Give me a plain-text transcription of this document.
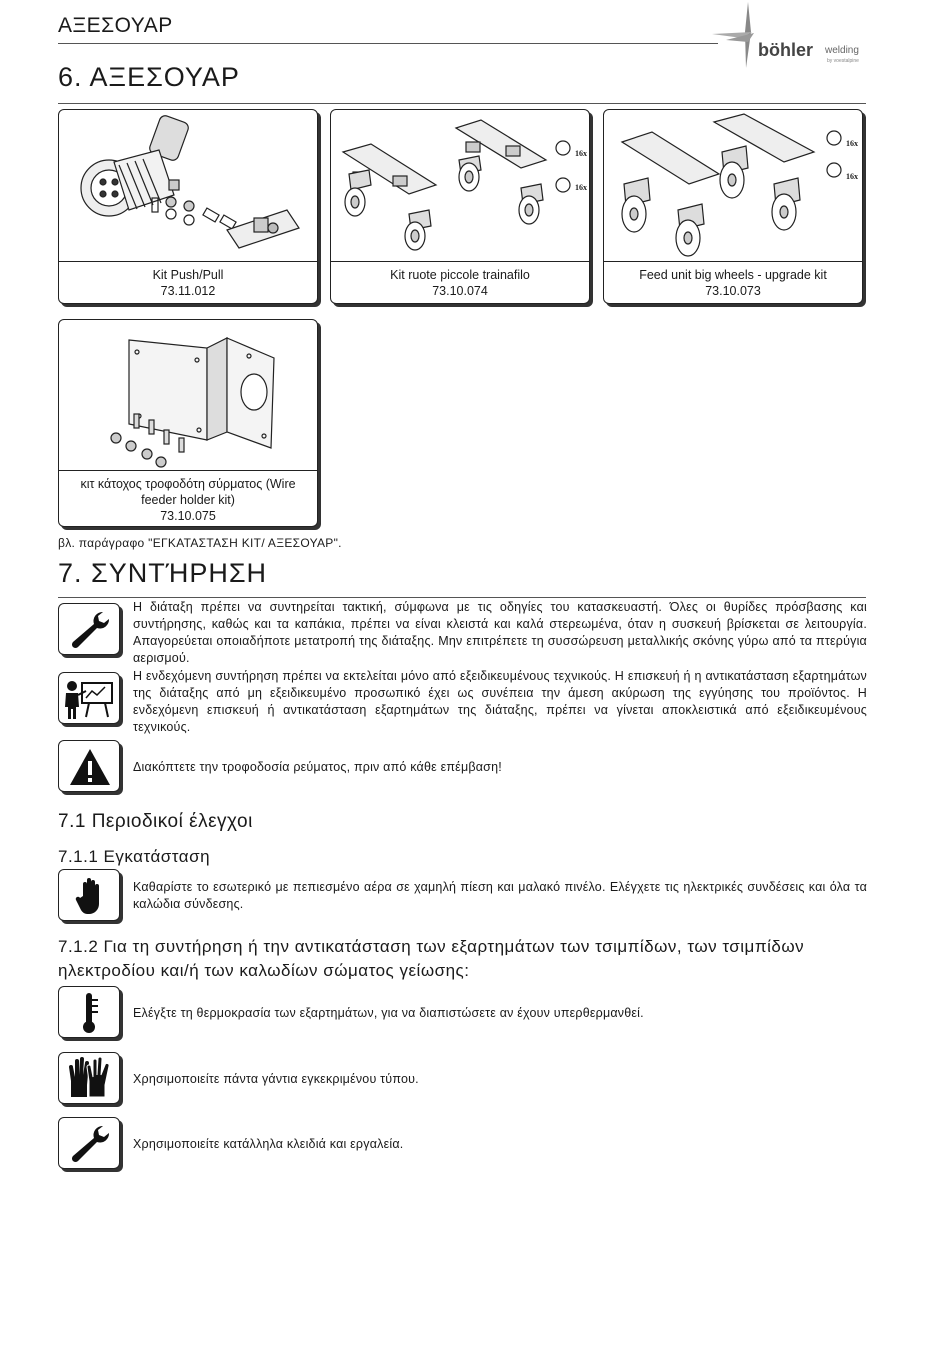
ΑΞΕΣΟΥΑΡ
böhler welding
by voestalpine
6. ΑΞΕΣΟΥΑΡ
Kit Push/Pull
73.11.012
16x
16x
Kit ruote piccole trainafilo
73.10.074
16x
16x
Feed unit big wheels - upgrade kit
73.10.073
κιτ κάτοχος τροφοδότη σύρματος (Wire
feeder holder kit)
73.10.075
βλ. παράγραφο "ΕΓΚΑΤΑΣΤΑΣΗ ΚΙΤ/ ΑΞΕΣΟΥΑΡ".
7. ΣΥΝΤΉΡΗΣΗ
Η διάταξη πρέπει να συντηρείται τακτική, σύμφωνα με τις οδηγίες του κατασκευαστή. Όλες οι θυρίδες πρόσβασης και συντήρησης, καθώς και τα καπάκια, πρέπει να είναι κλειστά και καλά στερεωμένα, όταν η συσκευή βρίσκεται σε λειτουργία. Απαγορεύεται οποιαδήποτε μετατροπή της διάταξης. Μην επιτρέπετε τη συσσώρευση μεταλλικής σκόνης γύρω από τα πτερύγια αερισμού.
Η ενδεχόμενη συντήρηση πρέπει να εκτελείται μόνο από εξειδικευμένους τεχνικούς. Η επισκευή ή η αντικατάσταση εξαρτημάτων της διάταξης από μη εξειδικευμένο προσωπικό έχει ως συνέπεια την άμεση ακύρωση της εγγύησης του προϊόντος. Η ενδεχόμενη επισκευή ή αντικατάσταση εξαρτημάτων της διάταξης, πρέπει να γίνεται αποκλειστικά από εξειδικευμένους τεχνικούς.
Διακόπτετε την τροφοδοσία ρεύματος, πριν από κάθε επέμβαση!
7.1 Περιοδικοί έλεγχοι
7.1.1 Εγκατάσταση
Καθαρίστε το εσωτερικό με πεπιεσμένο αέρα σε χαμηλή πίεση και μαλακό πινέλο. Ελέγχετε τις ηλεκτρικές συνδέσεις και όλα τα καλώδια σύνδεσης.
7.1.2 Για τη συντήρηση ή την αντικατάσταση των εξαρτημάτων των τσιμπίδων, των τσιμπίδων ηλεκτροδίου και/ή των καλωδίων σώματος γείωσης:
Ελέγξτε τη θερμοκρασία των εξαρτημάτων, για να διαπιστώσετε αν έχουν υπερθερμανθεί.
Χρησιμοποιείτε πάντα γάντια εγκεκριμένου τύπου.
Χρησιμοποιείτε κατάλληλα κλειδιά και εργαλεία.
